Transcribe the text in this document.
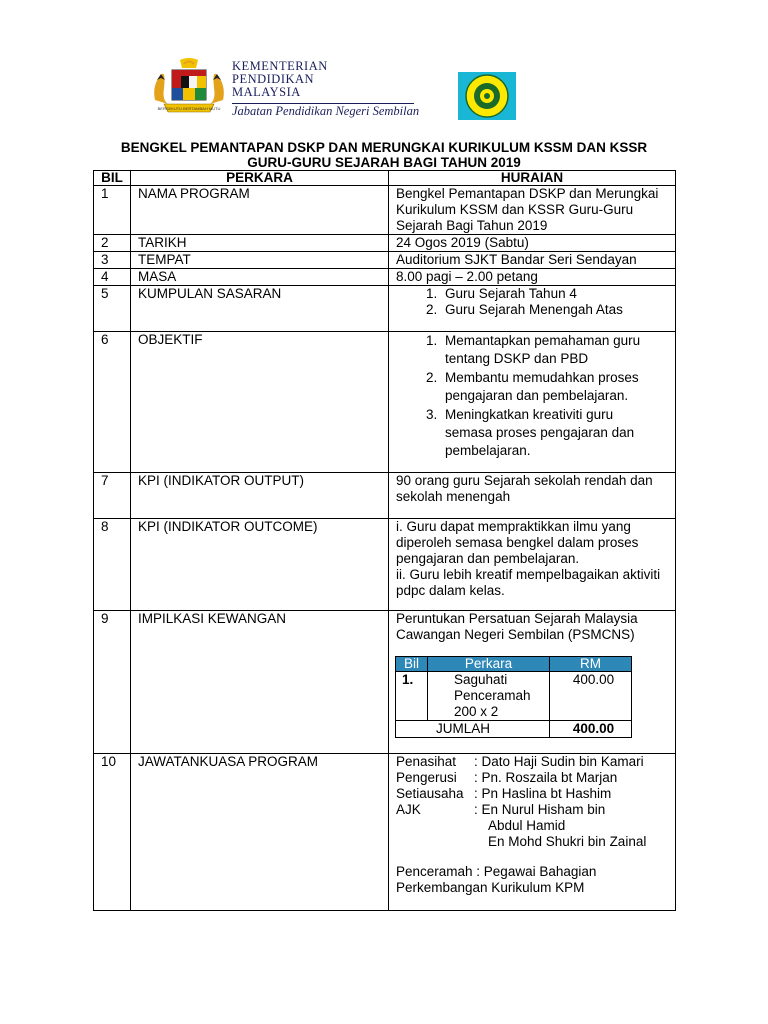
BERSEKUTU BERTAMBAH MUTU
KEMENTERIAN
PENDIDIKAN
MALAYSIA
Jabatan Pendidikan Negeri Sembilan
BENGKEL PEMANTAPAN DSKP DAN MERUNGKAI KURIKULUM KSSM DAN KSSR
GURU-GURU SEJARAH BAGI TAHUN 2019
BIL	PERKARA	HURAIAN
1	NAMA PROGRAM	Bengkel Pemantapan DSKP dan Merungkai Kurikulum KSSM dan KSSR Guru-Guru Sejarah Bagi Tahun 2019
2	TARIKH	24 Ogos 2019 (Sabtu)
3	TEMPAT	Auditorium SJKT Bandar Seri Sendayan
4	MASA	8.00 pagi – 2.00 petang
5	KUMPULAN SASARAN	
1.Guru Sejarah Tahun 4
2. Guru Sejarah Menengah Atas

6	OBJEKTIF	
1.Memantapkan pemahaman guru tentang DSKP dan PBD
2. Membantu memudahkan proses pengajaran dan pembelajaran.
3. Meningkatkan kreativiti guru semasa proses pengajaran dan pembelajaran.

7	KPI (INDIKATOR OUTPUT)	90 orang guru Sejarah sekolah rendah dan sekolah menengah
8	KPI (INDIKATOR OUTCOME)	i. Guru dapat mempraktikkan ilmu yang diperoleh semasa bengkel dalam proses pengajaran dan pembelajaran.
ii. Guru lebih kreatif mempelbagaikan aktiviti pdpc dalam kelas.

9	IMPILKASI KEWANGAN	Peruntukan Persatuan Sejarah Malaysia Cawangan Negeri Sembilan (PSMCNS)
Bil	Perkara	RM
1.	Saguhati Penceramah 200 x 2	400.00
JUMLAH	400.00

10	JAWATANKUASA PROGRAM	Penasihat	: Dato Haji Sudin bin Kamari
Pengerusi	: Pn. Roszaila bt Marjan
Setiausaha : Pn Haslina bt Hashim
AJK	: En Nurul Hisham bin
Abdul Hamid
En Mohd Shukri bin Zainal
Penceramah : Pegawai Bahagian Perkembangan Kurikulum KPM
